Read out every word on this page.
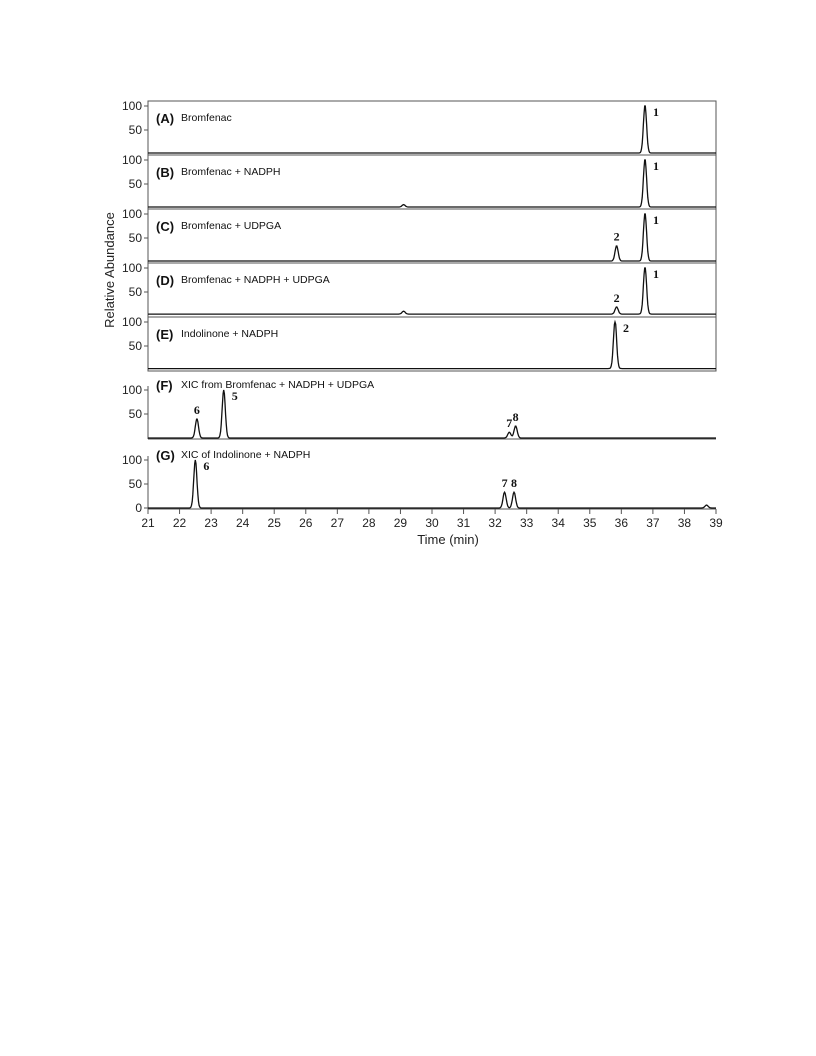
100
50
1
(A) Bromfenac
100
50
1
(B) Bromfenac + NADPH
100
50	2
1
(C) Bromfenac + UDPGA
100
50	2
1
(D) Bromfenac + NADPH + UDPGA
100
50
2
(E) Indolinone + NADPH
100
50	6
5
7 8
(F) XIC from Bromfenac + NADPH + UDPGA
100
50
0
6
7 8
(G) XIC of Indolinone + NADPH
21 22 23 24 25 26 27 28 29 30 31 32 33 34 35 36 37 38 39
Time (min)
Relative Abundance
